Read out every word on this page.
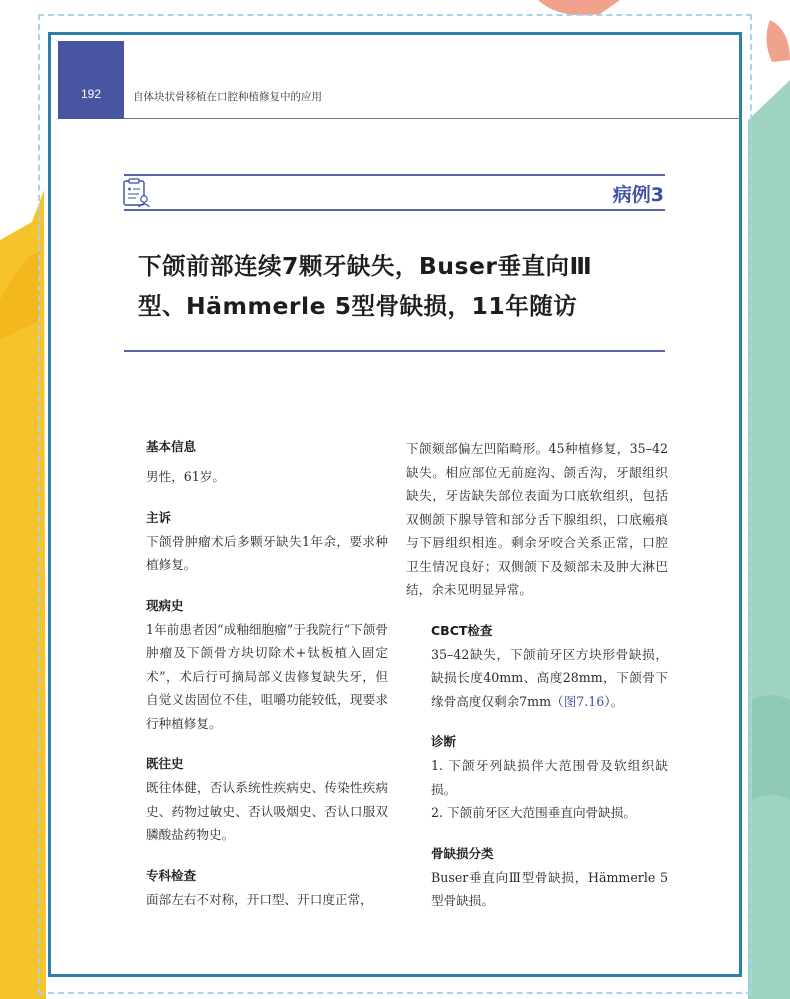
192	自体块状骨移植在口腔种植修复中的应用
病例3
下颌前部连续7颗牙缺失，Buser垂直向Ⅲ
型、Hämmerle 5型骨缺损，11年随访
基本信息
男性，61岁。
主诉
下颌骨肿瘤术后多颗牙缺失1年余，要求种植修复。
现病史
1年前患者因“成釉细胞瘤”于我院行“下颌骨肿瘤及下颌骨方块切除术+钛板植入固定术”，术后行可摘局部义齿修复缺失牙，但自觉义齿固位不佳，咀嚼功能较低，现要求行种植修复。
既往史
既往体健，否认系统性疾病史、传染性疾病史、药物过敏史、否认吸烟史、否认口服双膦酸盐药物史。
专科检查
面部左右不对称，开口型、开口度正常，
下颌颏部偏左凹陷畸形。45种植修复，35–42缺失。相应部位无前庭沟、颌舌沟，牙龈组织缺失，牙齿缺失部位表面为口底软组织，包括双侧颌下腺导管和部分舌下腺组织，口底瘢痕与下唇组织相连。剩余牙咬合关系正常，口腔卫生情况良好；双侧颌下及颏部未及肿大淋巴结，余未见明显异常。
CBCT检查
35–42缺失，下颌前牙区方块形骨缺损，缺损长度40mm、高度28mm，下颌骨下缘骨高度仅剩余7mm（图7.16）。
诊断
1. 下颌牙列缺损伴大范围骨及软组织缺损。
2. 下颌前牙区大范围垂直向骨缺损。
骨缺损分类
Buser垂直向Ⅲ型骨缺损，Hämmerle 5型骨缺损。
